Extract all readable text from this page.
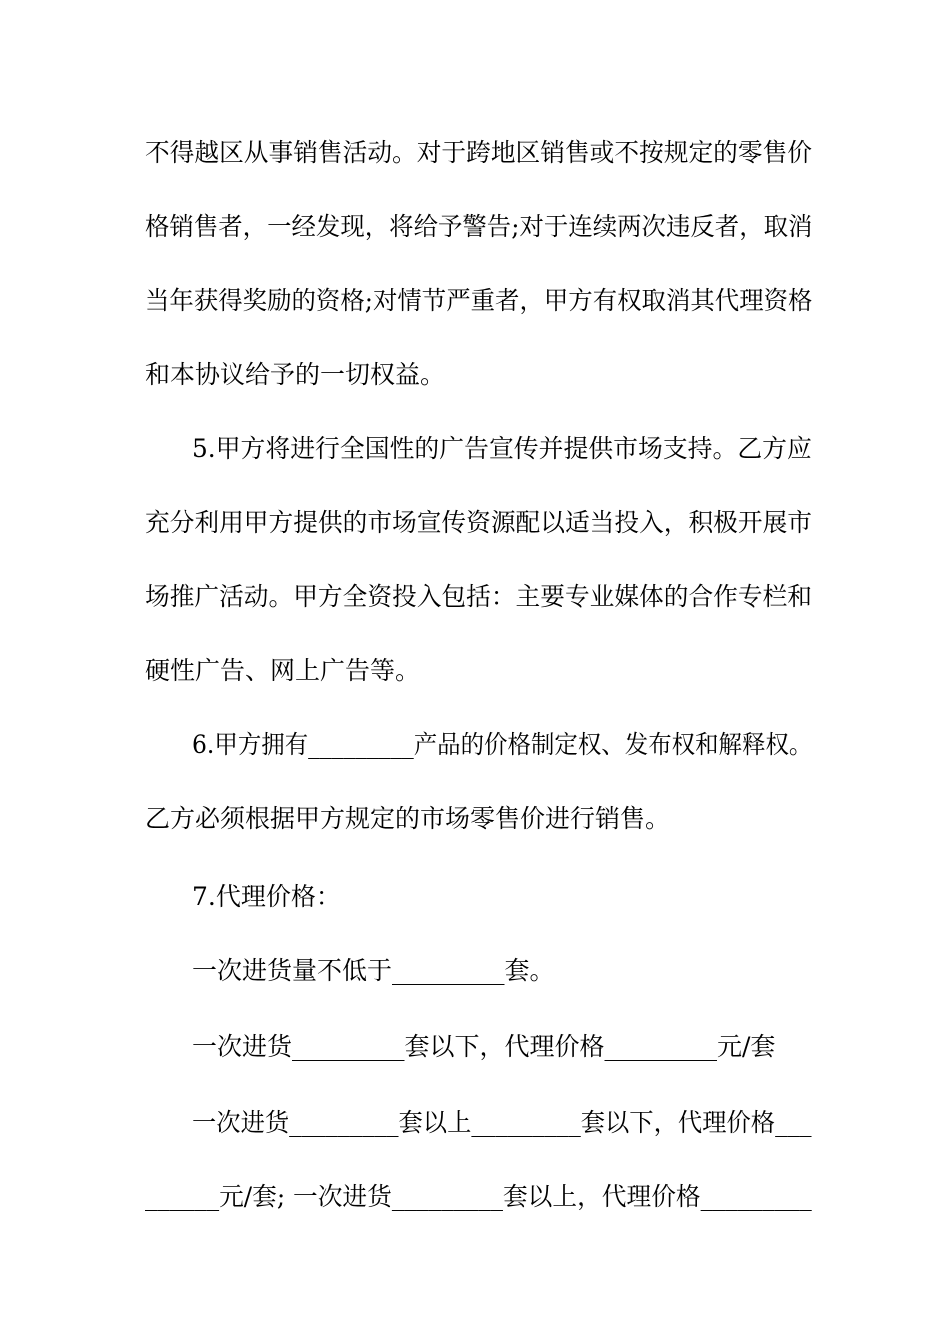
不得越区从事销售活动。对于跨地区销售或不按规定的零售价
格销售者，一经发现，将给予警告;对于连续两次违反者，取消
当年获得奖励的资格;对情节严重者，甲方有权取消其代理资格
和本协议给予的一切权益。
5.甲方将进行全国性的广告宣传并提供市场支持。乙方应
充分利用甲方提供的市场宣传资源配以适当投入，积极开展市
场推广活动。甲方全资投入包括：主要专业媒体的合作专栏和
硬性广告、网上广告等。
6.甲方拥有_________产品的价格制定权、发布权和解释权。
乙方必须根据甲方规定的市场零售价进行销售。
7.代理价格：
一次进货量不低于_________套。
一次进货_________套以下，代理价格_________元/套
一次进货_________套以上_________套以下，代理价格___
______元/套; 一次进货_________套以上，代理价格_________
